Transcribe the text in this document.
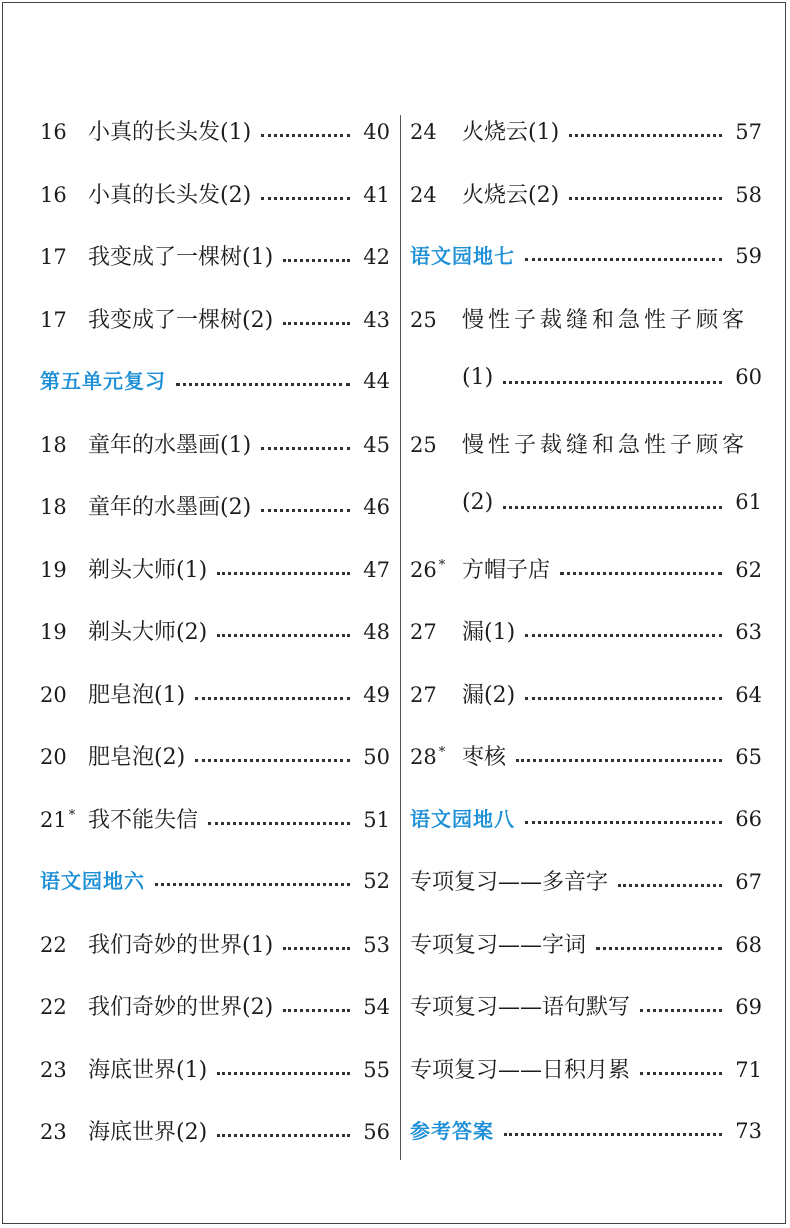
16 小真的长头发(1)	40
16 小真的长头发(2)	41
17 我变成了一棵树(1)	42
17 我变成了一棵树(2)	43
第五单元复习	44
18 童年的水墨画(1)	45
18 童年的水墨画(2)	46
19 剃头大师(1)	47
19 剃头大师(2)	48
20 肥皂泡(1)	49
20 肥皂泡(2)	50
21 * 我不能失信	51
语文园地六	52
22 我们奇妙的世界(1)	53
22 我们奇妙的世界(2)	54
23 海底世界(1)	55
23 海底世界(2)	56
24	火烧云(1)	57
24	火烧云(2)	58
语文园地七	59
25	慢性子裁缝和急性子顾客
(1)	60
25	慢性子裁缝和急性子顾客
(2)	61
26 * 方帽子店	62
27	漏(1)	63
27	漏(2)	64
28 * 枣核	65
语文园地八	66
专项复习——多音字	67
专项复习——字词	68
专项复习——语句默写	69
专项复习——日积月累	71
参考答案	73
